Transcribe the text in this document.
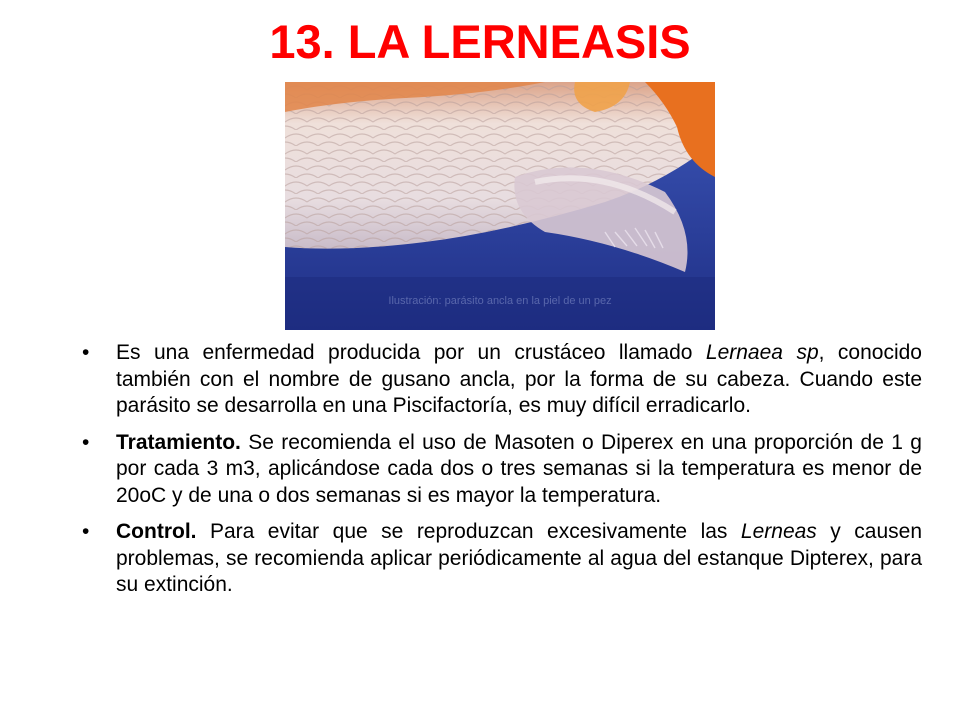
13. LA LERNEASIS
Ilustración: parásito ancla en la piel de un pez
• Es una enfermedad producida por un crustáceo llamado Lernaea sp, conocido también con el nombre de gusano ancla, por la forma de su cabeza. Cuando este parásito se desarrolla en una Piscifactoría, es muy difícil erradicarlo.
• Tratamiento. Se recomienda el uso de Masoten o Diperex en una proporción de 1 g por cada 3 m3, aplicándose cada dos o tres semanas si la temperatura es menor de 20oC y de una o dos semanas si es mayor la temperatura.
• Control. Para evitar que se reproduzcan excesivamente las Lerneas y causen problemas, se recomienda aplicar periódicamente al agua del estanque Dipterex, para su extinción.
